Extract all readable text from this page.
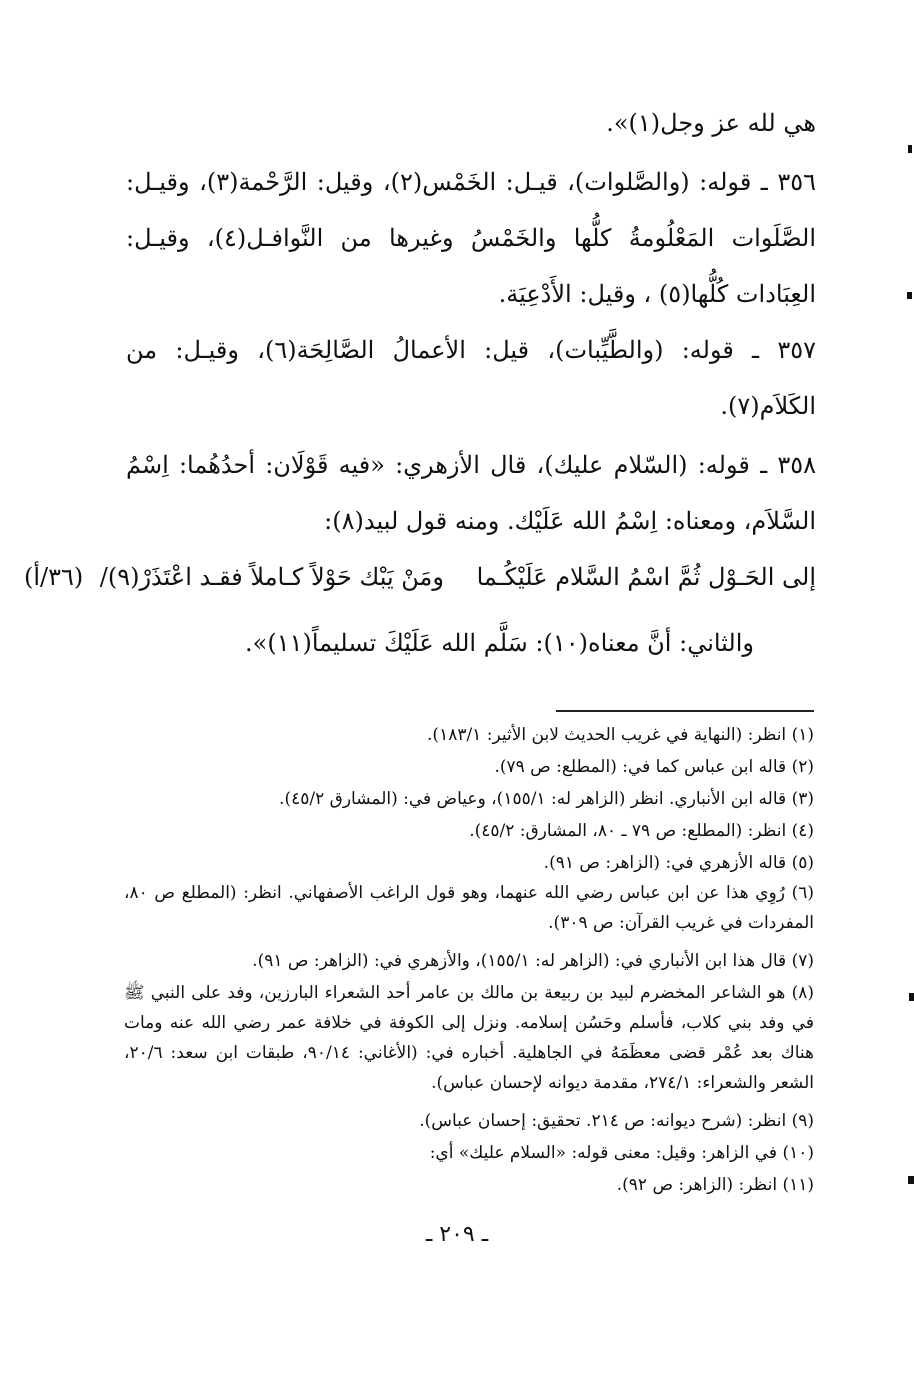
هي لله عز وجل(١)».
٣٥٦ ـ قوله: (والصَّلوات)، قيـل: الخَمْس(٢)، وقيل: الرَّحْمة(٣)، وقيـل: الصَّلَوات المَعْلُومةُ كلُّها والخَمْسُ وغيرها من النَّوافـل(٤)، وقيـل: العِبَادات كُلُّها(٥) ، وقيل: الأَدْعِيَة.
٣٥٧ ـ قوله: (والطَّيِّبات)، قيل: الأعمالُ الصَّالِحَة(٦)، وقيـل: من الكَلاَم(٧).
٣٥٨ ـ قوله: (السّلام عليك)، قال الأزهري: «فيه قَوْلَان: أحدُهُما: اِسْمُ السَّلاَم، ومعناه: اِسْمُ الله عَلَيْك. ومنه قول لبيد(٨):
إلى الحَـوْل ثُمَّ اسْمُ السَّلام عَلَيْكُـما
ومَنْ يَبْك حَوْلاً كـاملاً فقـد اعْتَذَرْ(٩)/
(٣٦/أ)
والثاني: أنَّ معناه(١٠): سَلَّم الله عَلَيْكَ تسليماً(١١)».
(١) انظر: (النهاية في غريب الحديث لابن الأثير: ١٨٣/١).
(٢) قاله ابن عباس كما في: (المطلع: ص ٧٩).
(٣) قاله ابن الأنباري. انظر (الزاهر له: ١٥٥/١)، وعياض في: (المشارق ٤٥/٢).
(٤) انظر: (المطلع: ص ٧٩ ـ ٨٠، المشارق: ٤٥/٢).
(٥) قاله الأزهري في: (الزاهر: ص ٩١).
(٦) رُوِي هذا عن ابن عباس رضي الله عنهما، وهو قول الراغب الأصفهاني. انظر: (المطلع ص ٨٠، المفردات في غريب القرآن: ص ٣٠٩).
(٧) قال هذا ابن الأنباري في: (الزاهر له: ١٥٥/١)، والأزهري في: (الزاهر: ص ٩١).
(٨) هو الشاعر المخضرم لبيد بن ربيعة بن مالك بن عامر أحد الشعراء البارزين، وفد على النبي ﷺ في وفد بني كلاب، فأسلم وحَسُن إسلامه. ونزل إلى الكوفة في خلافة عمر رضي الله عنه ومات هناك بعد عُمْر قضى معظَمَهُ في الجاهلية. أخباره في: (الأغاني: ٩٠/١٤، طبقات ابن سعد: ٢٠/٦، الشعر والشعراء: ٢٧٤/١، مقدمة ديوانه لإحسان عباس).
(٩) انظر: (شرح ديوانه: ص ٢١٤. تحقيق: إحسان عباس).
(١٠) في الزاهر: وقيل: معنى قوله: «السلام عليك» أي:
(١١) انظر: (الزاهر: ص ٩٢).
ـ ٢٠٩ ـ
